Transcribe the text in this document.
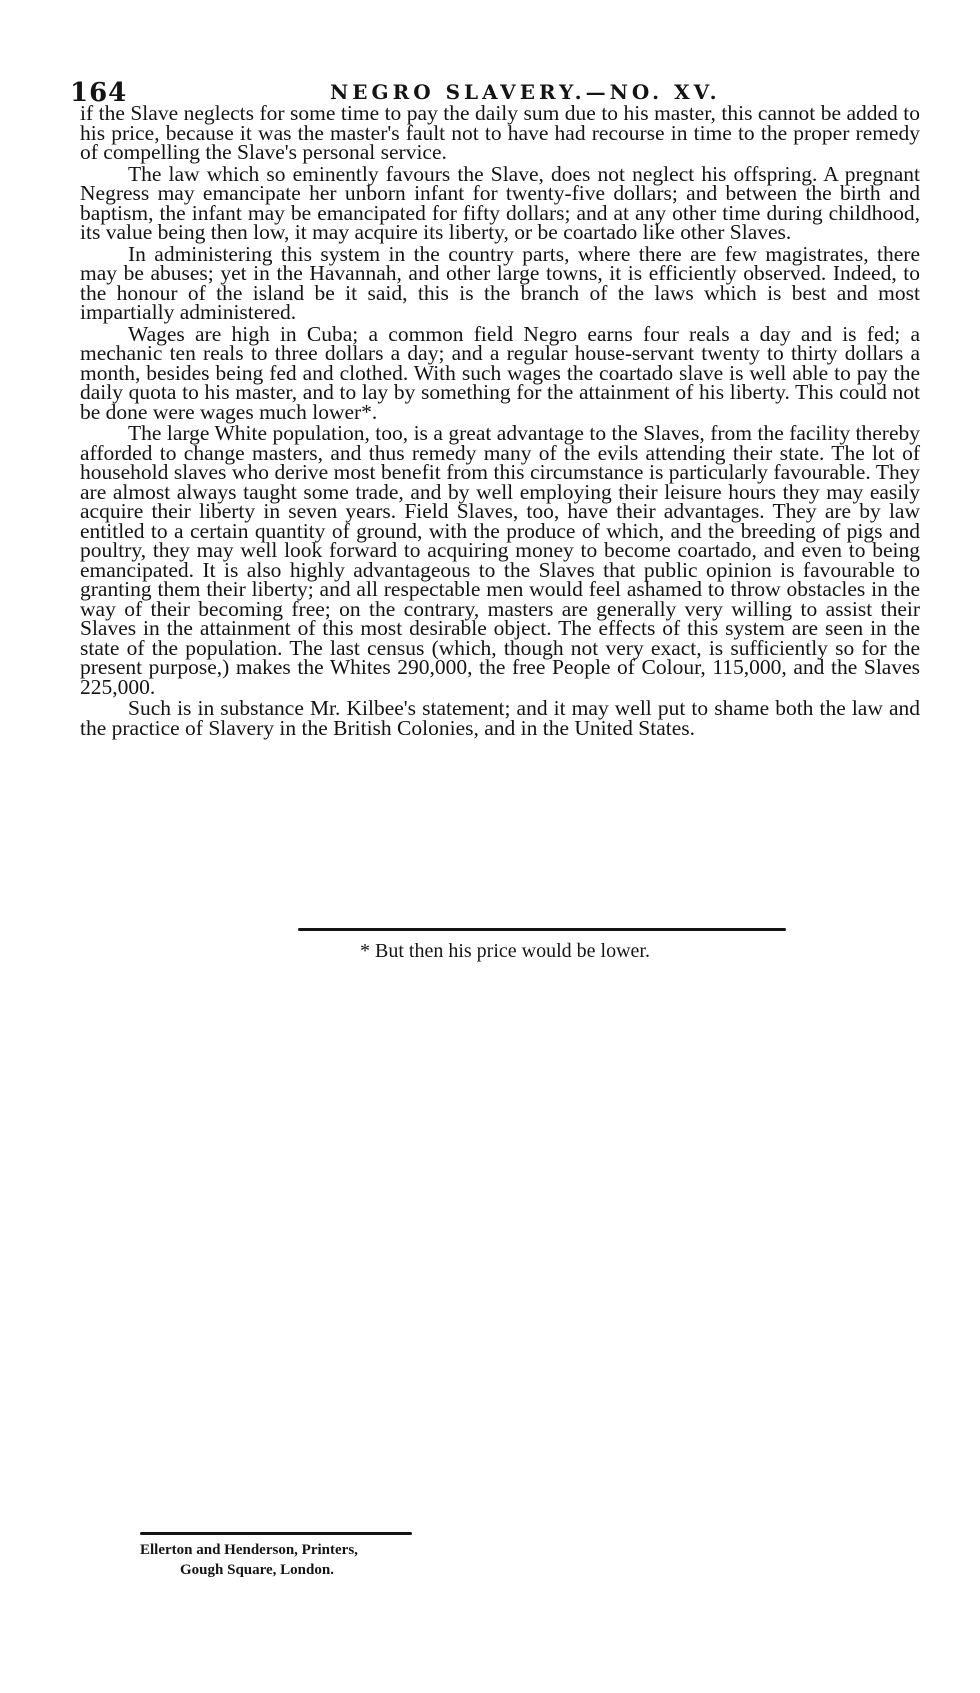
164	NEGRO SLAVERY.—NO. XV.

if the Slave neglects for some time to pay the daily sum due to his master, this cannot be added to his price, because it was the master's fault not to have had recourse in time to the proper remedy of compelling the Slave's personal service.

The law which so eminently favours the Slave, does not neglect his offspring. A pregnant Negress may emancipate her unborn infant for twenty-five dollars; and between the birth and baptism, the infant may be emancipated for fifty dollars; and at any other time during childhood, its value being then low, it may acquire its liberty, or be coartado like other Slaves.

In administering this system in the country parts, where there are few magistrates, there may be abuses; yet in the Havannah, and other large towns, it is efficiently observed. Indeed, to the honour of the island be it said, this is the branch of the laws which is best and most impartially administered.

Wages are high in Cuba; a common field Negro earns four reals a day and is fed; a mechanic ten reals to three dollars a day; and a regular house-servant twenty to thirty dollars a month, besides being fed and clothed. With such wages the coartado slave is well able to pay the daily quota to his master, and to lay by something for the attainment of his liberty. This could not be done were wages much lower*.

The large White population, too, is a great advantage to the Slaves, from the facility thereby afforded to change masters, and thus remedy many of the evils attending their state. The lot of household slaves who derive most benefit from this circumstance is particularly favourable. They are almost always taught some trade, and by well employing their leisure hours they may easily acquire their liberty in seven years. Field Slaves, too, have their advantages. They are by law entitled to a certain quantity of ground, with the produce of which, and the breeding of pigs and poultry, they may well look forward to acquiring money to become coartado, and even to being emancipated. It is also highly advantageous to the Slaves that public opinion is favourable to granting them their liberty; and all respectable men would feel ashamed to throw obstacles in the way of their becoming free; on the contrary, masters are generally very willing to assist their Slaves in the attainment of this most desirable object. The effects of this system are seen in the state of the population. The last census (which, though not very exact, is sufficiently so for the present purpose,) makes the Whites 290,000, the free People of Colour, 115,000, and the Slaves 225,000.

Such is in substance Mr. Kilbee's statement; and it may well put to shame both the law and the practice of Slavery in the British Colonies, and in the United States.

* But then his price would be lower.
Ellerton and Henderson, Printers,
Gough Square, London.
